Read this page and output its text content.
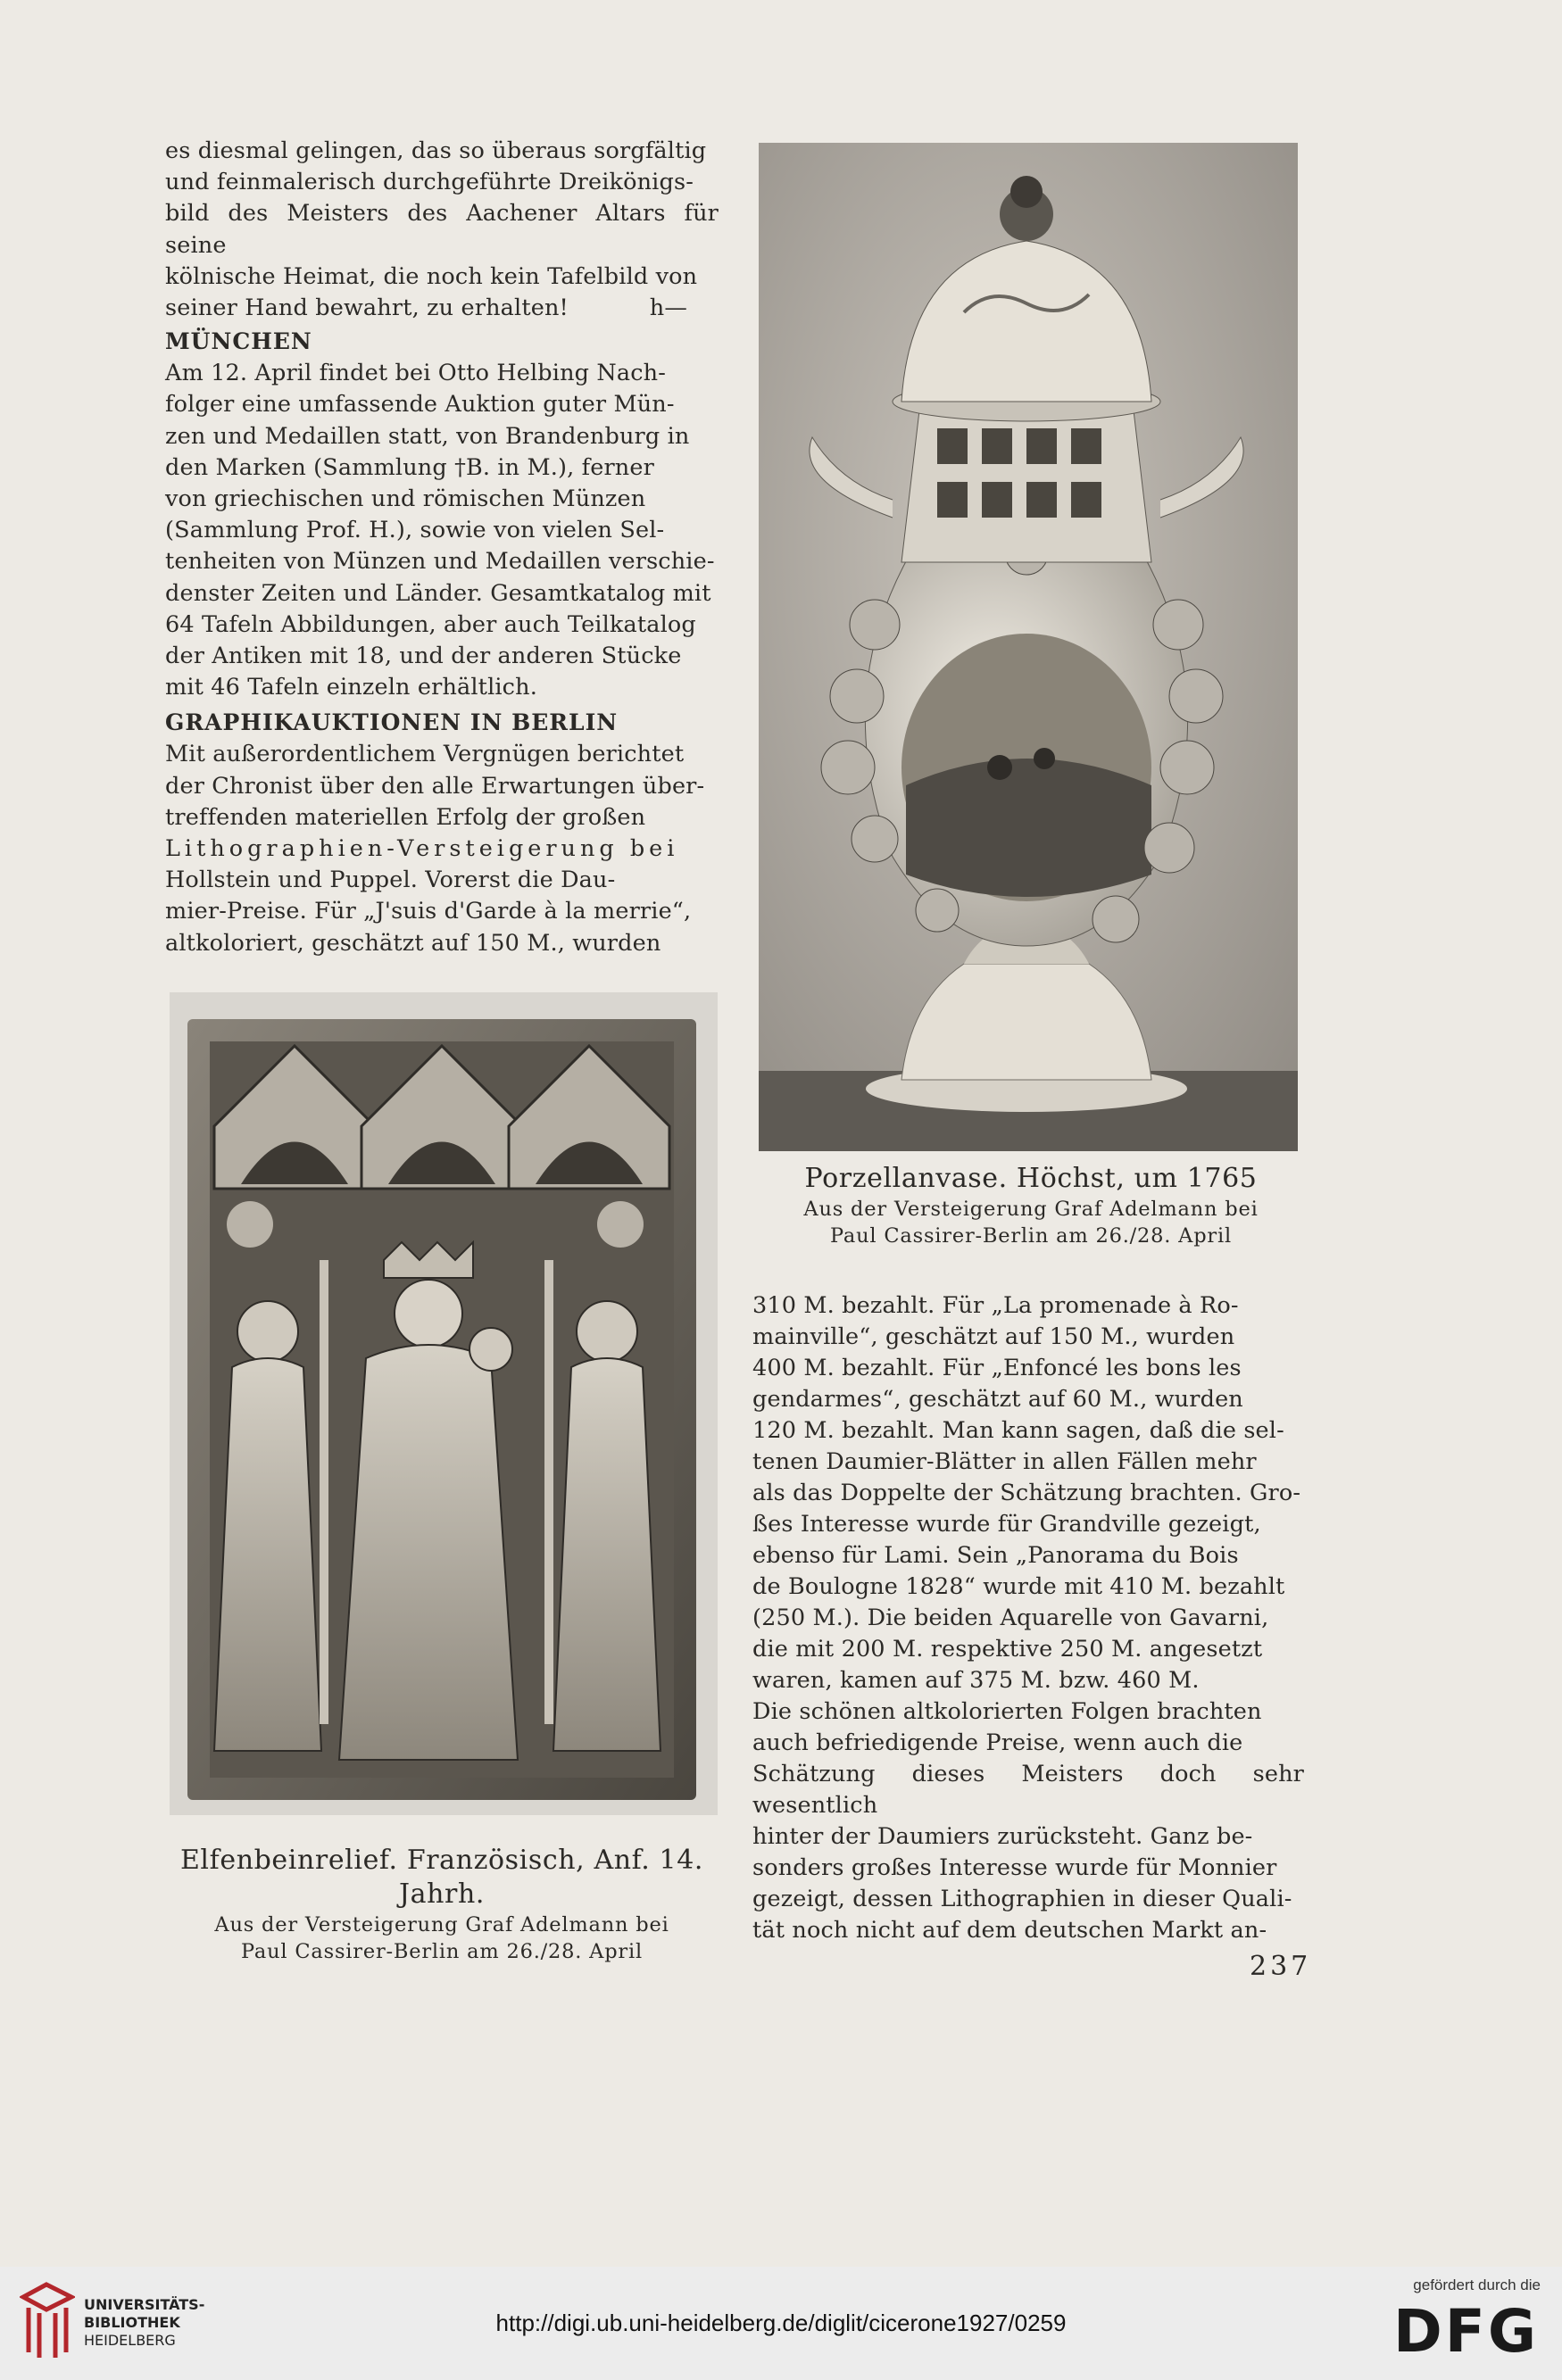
es diesmal gelingen, das so überaus sorgfältig

und feinmalerisch durchgeführte Dreikönigs-

bild des Meisters des Aachener Altars für seine

kölnische Heimat, die noch kein Tafelbild von

seiner Hand bewahrt, zu erhalten!           h—

MÜNCHEN

Am 12. April findet bei Otto Helbing Nach-

folger eine umfassende Auktion guter Mün-

zen und Medaillen statt, von Brandenburg in

den Marken (Sammlung †B. in M.), ferner

von griechischen und römischen Münzen

(Sammlung Prof. H.), sowie von vielen Sel-

tenheiten von Münzen und Medaillen verschie-

denster Zeiten und Länder. Gesamtkatalog mit

64 Tafeln Abbildungen, aber auch Teilkatalog

der Antiken mit 18, und der anderen Stücke

mit 46 Tafeln einzeln erhältlich.

GRAPHIKAUKTIONEN IN BERLIN

Mit außerordentlichem Vergnügen berichtet

der Chronist über den alle Erwartungen über-

treffenden materiellen Erfolg der großen

Lithographien-Versteigerung bei

Hollstein und Puppel. Vorerst die Dau-

mier-Preise. Für „J'suis d'Garde à la merrie“,

altkoloriert, geschätzt auf 150 M., wurden

Porzellanvase. Höchst, um 1765
Aus der Versteigerung Graf Adelmann bei
Paul Cassirer-Berlin am 26./28. April
Elfenbeinrelief. Französisch, Anf. 14. Jahrh.
Aus der Versteigerung Graf Adelmann bei
Paul Cassirer-Berlin am 26./28. April

310 M. bezahlt. Für „La promenade à Ro-

mainville“, geschätzt auf 150 M., wurden

400 M. bezahlt. Für „Enfoncé les bons les

gendarmes“, geschätzt auf 60 M., wurden

120 M. bezahlt. Man kann sagen, daß die sel-

tenen Daumier-Blätter in allen Fällen mehr

als das Doppelte der Schätzung brachten. Gro-

ßes Interesse wurde für Grandville gezeigt,

ebenso für Lami. Sein „Panorama du Bois

de Boulogne 1828“ wurde mit 410 M. bezahlt

(250 M.). Die beiden Aquarelle von Gavarni,

die mit 200 M. respektive 250 M. angesetzt

waren, kamen auf 375 M. bzw. 460 M.

Die schönen altkolorierten Folgen brachten

auch befriedigende Preise, wenn auch die

Schätzung dieses Meisters doch sehr wesentlich

hinter der Daumiers zurücksteht. Ganz be-

sonders großes Interesse wurde für Monnier

gezeigt, dessen Lithographien in dieser Quali-

tät noch nicht auf dem deutschen Markt an-

237
UNIVERSITÄTS-
BIBLIOTHEK
HEIDELBERG
http://digi.ub.uni-heidelberg.de/diglit/cicerone1927/0259
gefördert durch die
DFG
